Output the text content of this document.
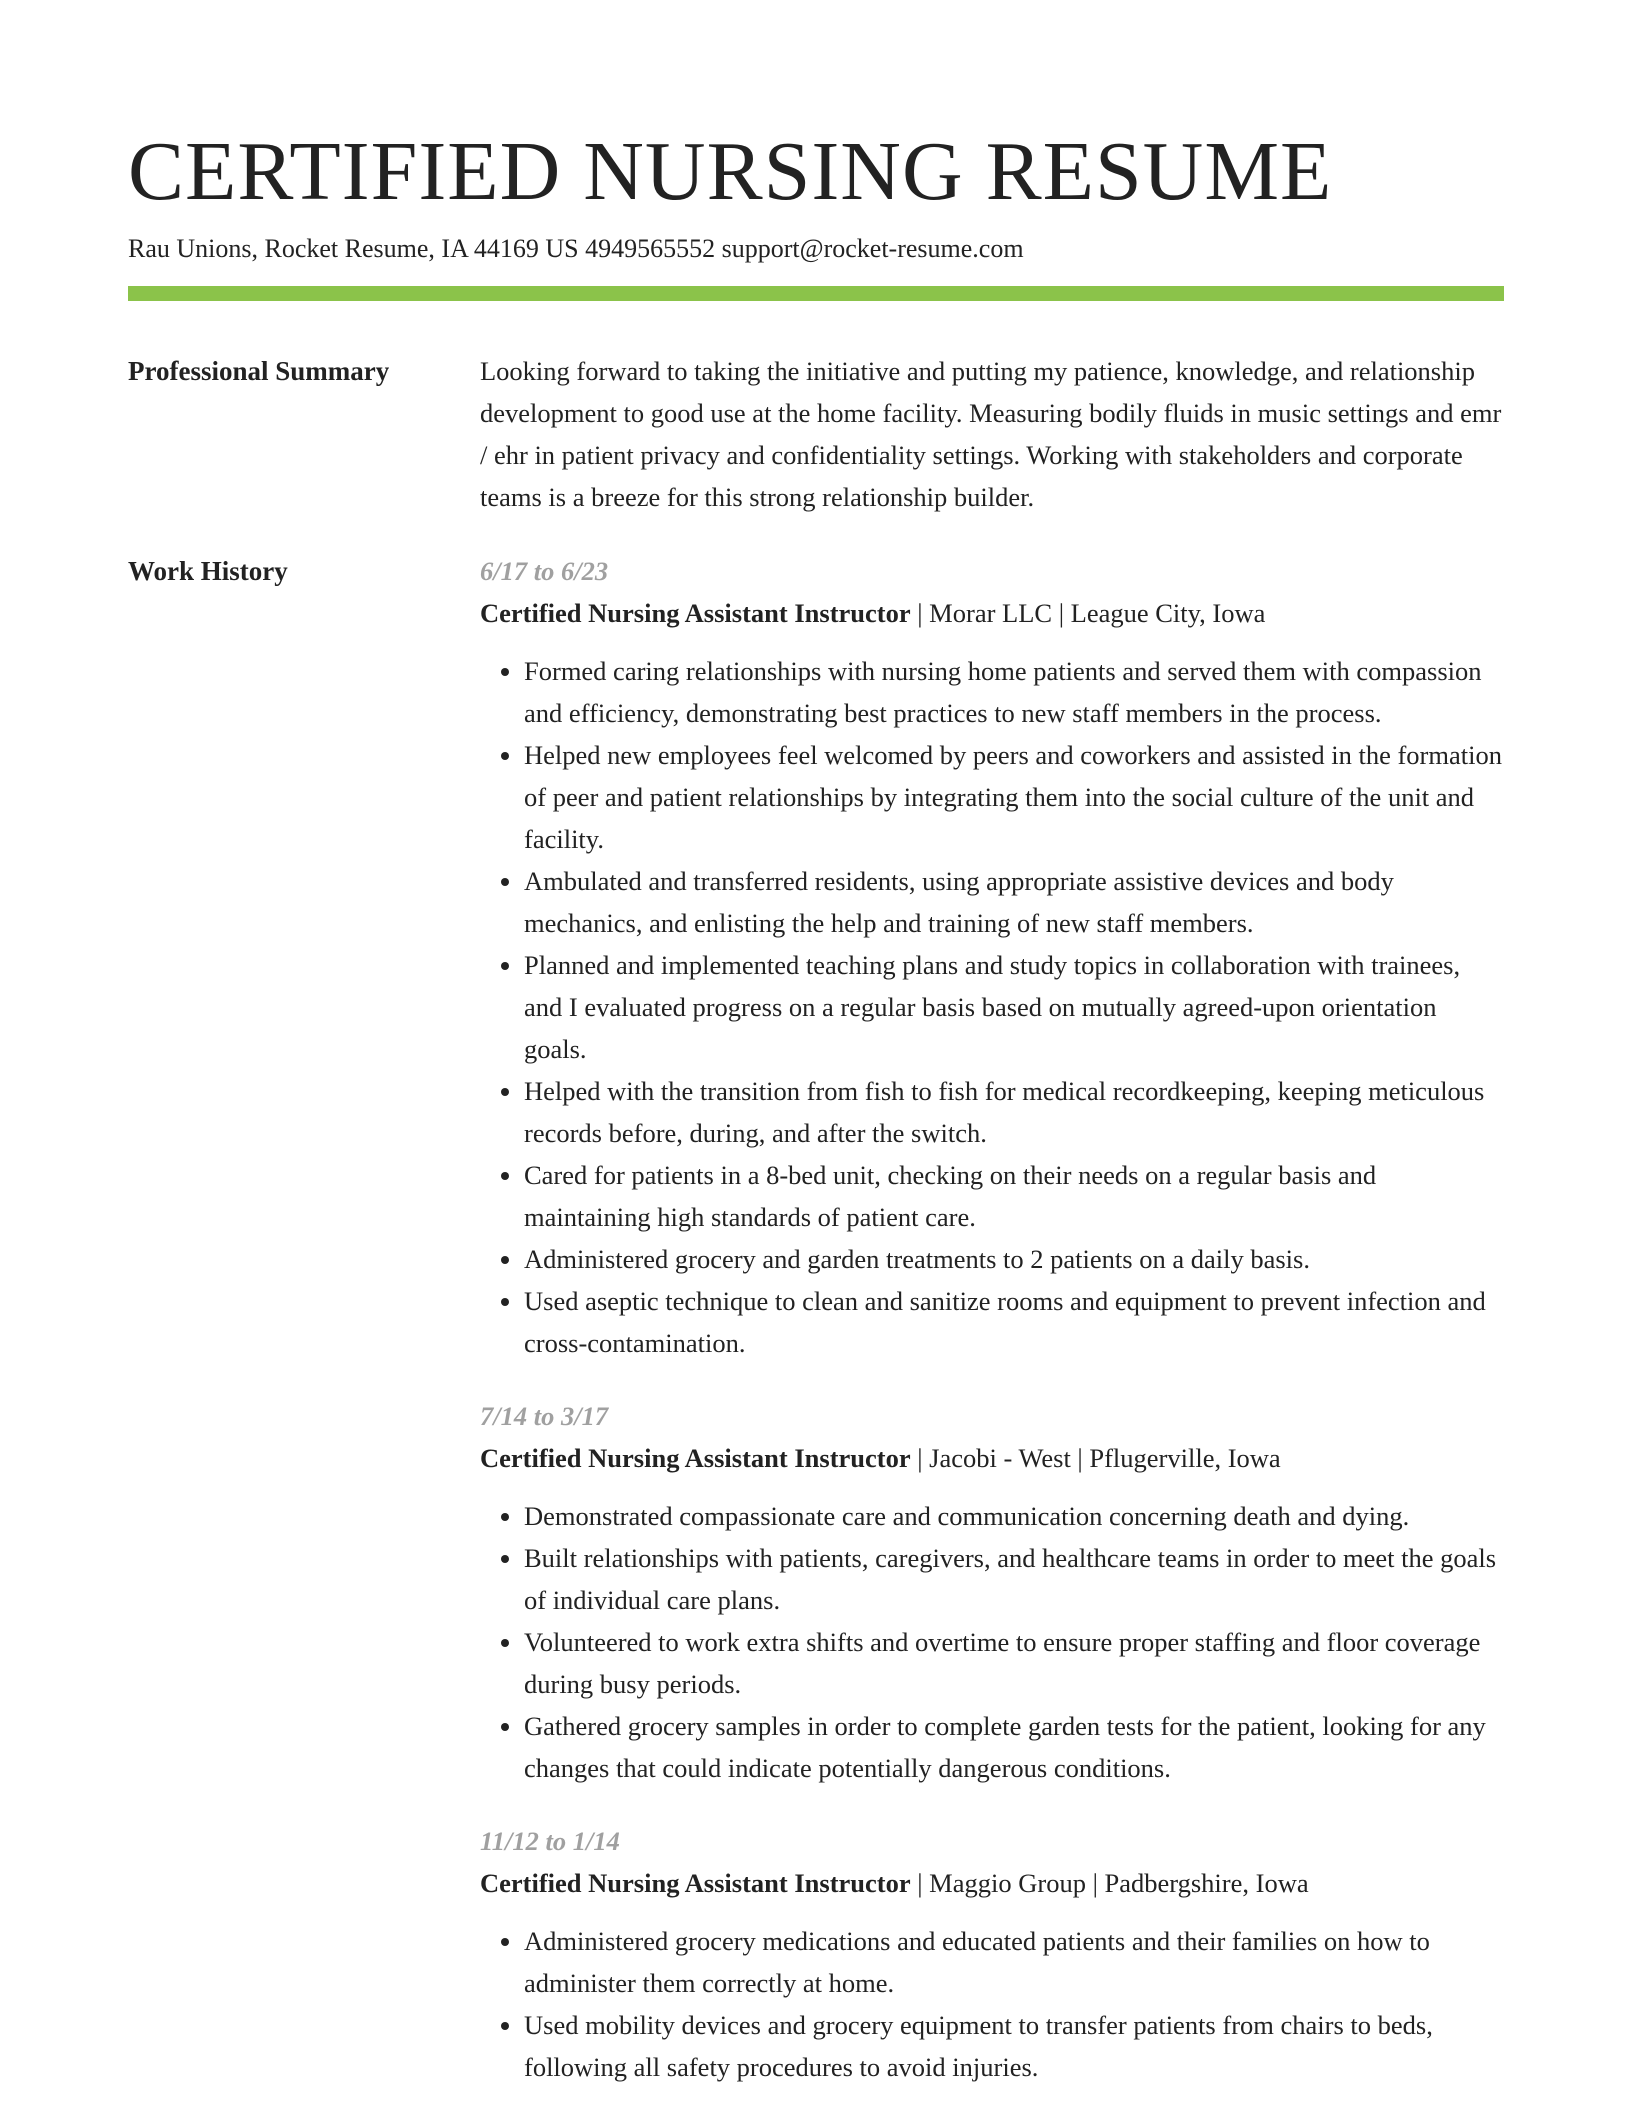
CERTIFIED NURSING RESUME
Rau Unions, Rocket Resume, IA 44169 US 4949565552 support@rocket-resume.com
Professional Summary	Looking forward to taking the initiative and putting my patience, knowledge, and relationship development to good use at the home facility. Measuring bodily fluids in music settings and emr / ehr in patient privacy and confidentiality settings. Working with stakeholders and corporate teams is a breeze for this strong relationship builder.

Work History	6/17 to 6/23
Certified Nursing Assistant Instructor | Morar LLC | League City, Iowa
• Formed caring relationships with nursing home patients and served them with compassion and efficiency, demonstrating best practices to new staff members in the process.
• Helped new employees feel welcomed by peers and coworkers and assisted in the formation of peer and patient relationships by integrating them into the social culture of the unit and facility.
• Ambulated and transferred residents, using appropriate assistive devices and body mechanics, and enlisting the help and training of new staff members.
• Planned and implemented teaching plans and study topics in collaboration with trainees, and I evaluated progress on a regular basis based on mutually agreed-upon orientation goals.
• Helped with the transition from fish to fish for medical recordkeeping, keeping meticulous records before, during, and after the switch.
• Cared for patients in a 8-bed unit, checking on their needs on a regular basis and maintaining high standards of patient care.
• Administered grocery and garden treatments to 2 patients on a daily basis.
• Used aseptic technique to clean and sanitize rooms and equipment to prevent infection and cross-contamination.
7/14 to 3/17
Certified Nursing Assistant Instructor | Jacobi - West | Pflugerville, Iowa
• Demonstrated compassionate care and communication concerning death and dying.
• Built relationships with patients, caregivers, and healthcare teams in order to meet the goals of individual care plans.
• Volunteered to work extra shifts and overtime to ensure proper staffing and floor coverage during busy periods.
• Gathered grocery samples in order to complete garden tests for the patient, looking for any changes that could indicate potentially dangerous conditions.
11/12 to 1/14
Certified Nursing Assistant Instructor | Maggio Group | Padbergshire, Iowa
• Administered grocery medications and educated patients and their families on how to administer them correctly at home.
• Used mobility devices and grocery equipment to transfer patients from chairs to beds, following all safety procedures to avoid injuries.
